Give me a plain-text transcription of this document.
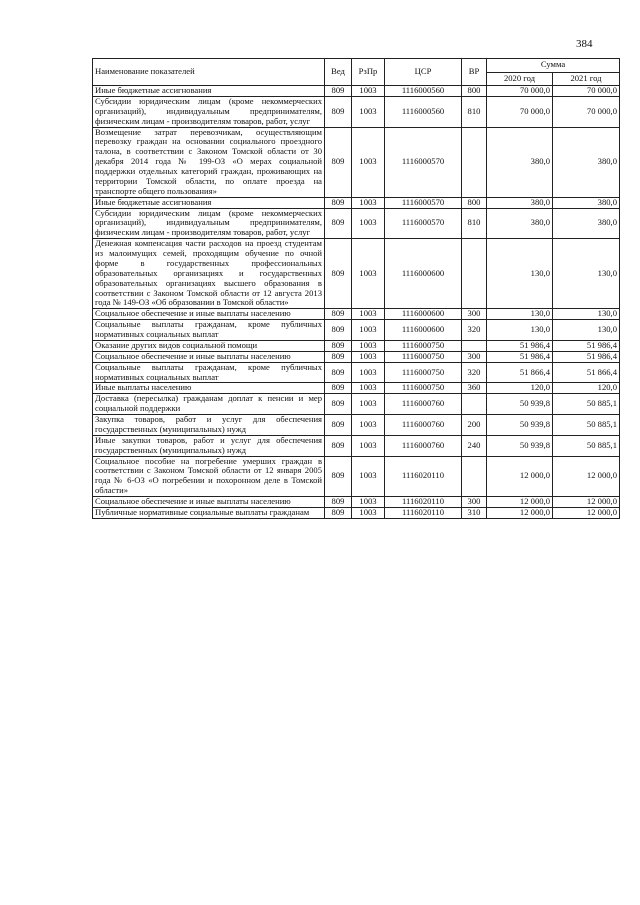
384
Наименование показателей	Вед	РзПр	ЦСР	ВР	Сумма	
					2020 год	2021 год
Иные бюджетные ассигнования	809	1003	1116000560	800	70 000,0	70 000,0
Субсидии юридическим лицам (кроме некоммерческих организаций), индивидуальным предпринимателям, физическим лицам - производителям товаров, работ, услуг	809	1003	1116000560	810	70 000,0	70 000,0
Возмещение затрат перевозчикам, осуществляющим перевозку граждан на основании социального проездного талона, в соответствии с Законом Томской области от 30 декабря 2014 года № 199-ОЗ «О мерах социальной поддержки отдельных категорий граждан, проживающих на территории Томской области, по оплате проезда на транспорте общего пользования»	809	1003	1116000570		380,0	380,0
Иные бюджетные ассигнования	809	1003	1116000570	800	380,0	380,0
Субсидии юридическим лицам (кроме некоммерческих организаций), индивидуальным предпринимателям, физическим лицам - производителям товаров, работ, услуг	809	1003	1116000570	810	380,0	380,0
Денежная компенсация части расходов на проезд студентам из малоимущих семей, проходящим обучение по очной форме в государственных профессиональных образовательных организациях и государственных образовательных организациях высшего образования в соответствии с Законом Томской области от 12 августа 2013 года № 149-ОЗ «Об образовании в Томской области»	809	1003	1116000600		130,0	130,0
Социальное обеспечение и иные выплаты населению	809	1003	1116000600	300	130,0	130,0
Социальные выплаты гражданам, кроме публичных нормативных социальных выплат	809	1003	1116000600	320	130,0	130,0
Оказание других видов социальной помощи	809	1003	1116000750		51 986,4	51 986,4
Социальное обеспечение и иные выплаты населению	809	1003	1116000750	300	51 986,4	51 986,4
Социальные выплаты гражданам, кроме публичных нормативных социальных выплат	809	1003	1116000750	320	51 866,4	51 866,4
Иные выплаты населению	809	1003	1116000750	360	120,0	120,0
Доставка (пересылка) гражданам доплат к пенсии и мер социальной поддержки	809	1003	1116000760		50 939,8	50 885,1
Закупка товаров, работ и услуг для обеспечения государственных (муниципальных) нужд	809	1003	1116000760	200	50 939,8	50 885,1
Иные закупки товаров, работ и услуг для обеспечения государственных (муниципальных) нужд	809	1003	1116000760	240	50 939,8	50 885,1
Социальное пособие на погребение умерших граждан в соответствии с Законом Томской области от 12 января 2005 года № 6-ОЗ «О погребении и похоронном деле в Томской области»	809	1003	1116020110		12 000,0	12 000,0
Социальное обеспечение и иные выплаты населению	809	1003	1116020110	300	12 000,0	12 000,0
Публичные нормативные социальные выплаты гражданам	809	1003	1116020110	310	12 000,0	12 000,0
